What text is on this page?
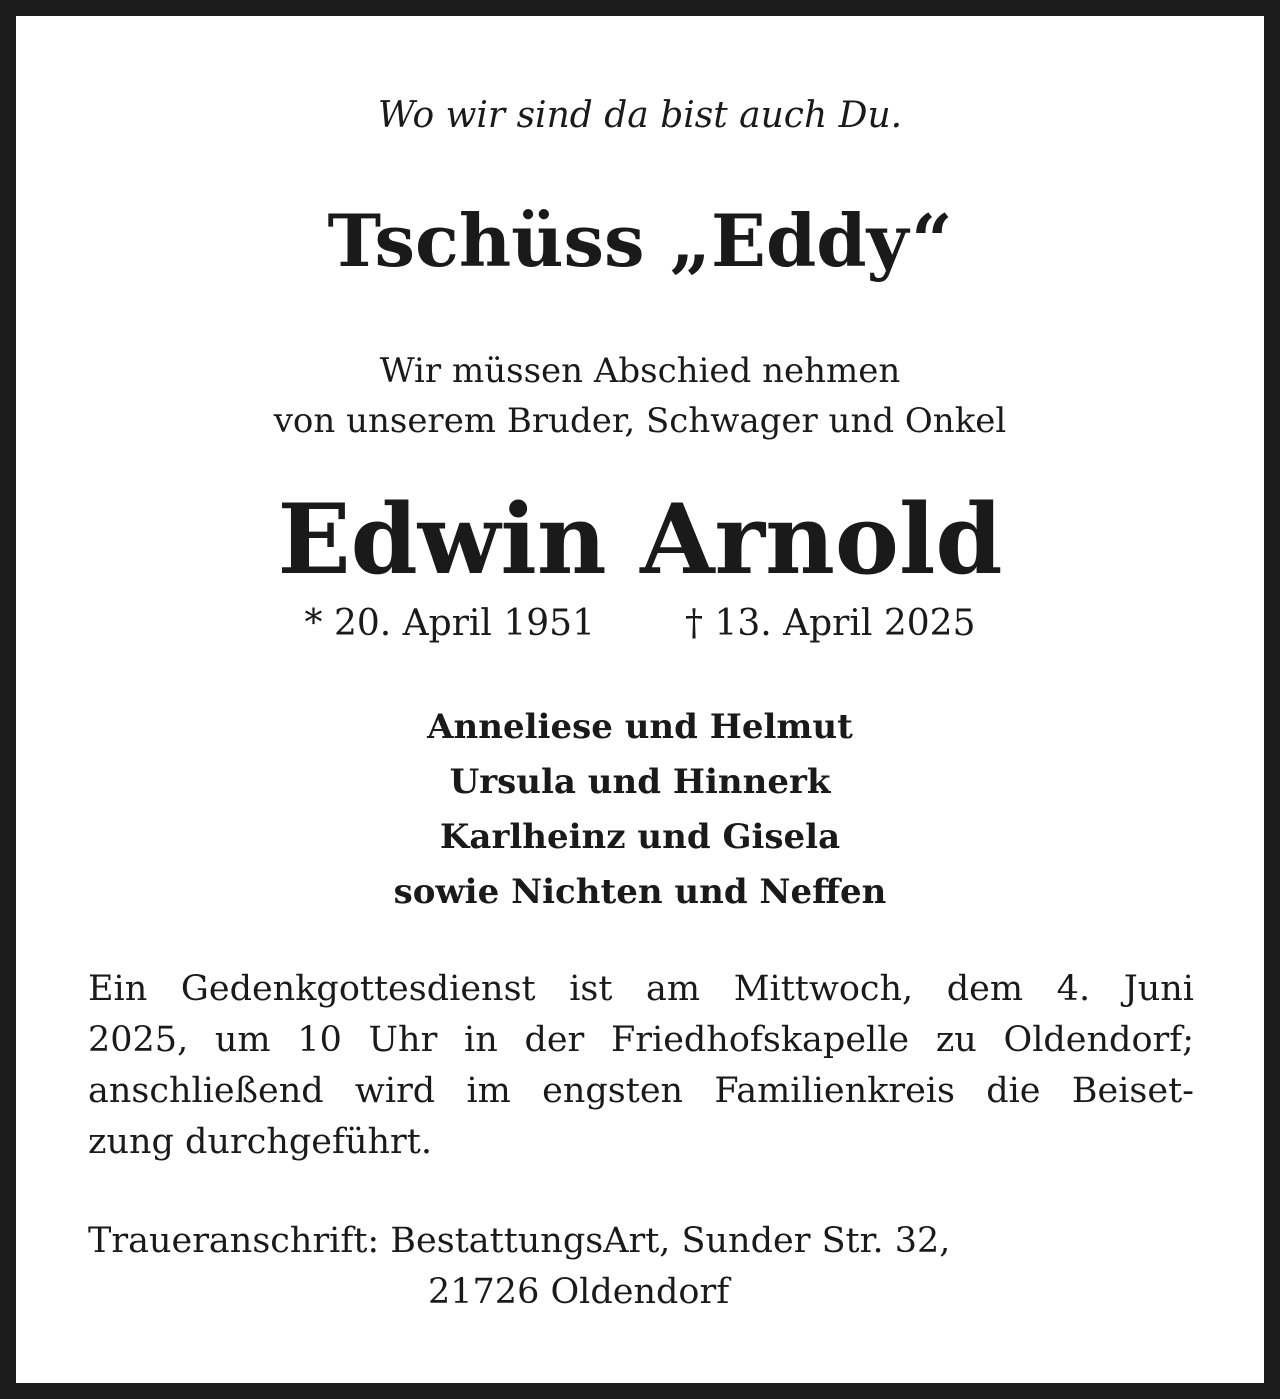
Wo wir sind da bist auch Du.
Tschüss „Eddy“
Wir müssen Abschied nehmen
von unserem Bruder, Schwager und Onkel
Edwin Arnold
* 20. April 1951	† 13. April 2025
Anneliese und Helmut
Ursula und Hinnerk
Karlheinz und Gisela
sowie Nichten und Neffen
Ein Gedenkgottesdienst ist am Mittwoch, dem 4. Juni
2025, um 10 Uhr in der Friedhofskapelle zu Oldendorf;
anschließend wird im engsten Familienkreis die Beiset-
zung durchgeführt.
Traueranschrift: BestattungsArt, Sunder Str. 32,
21726 Oldendorf
